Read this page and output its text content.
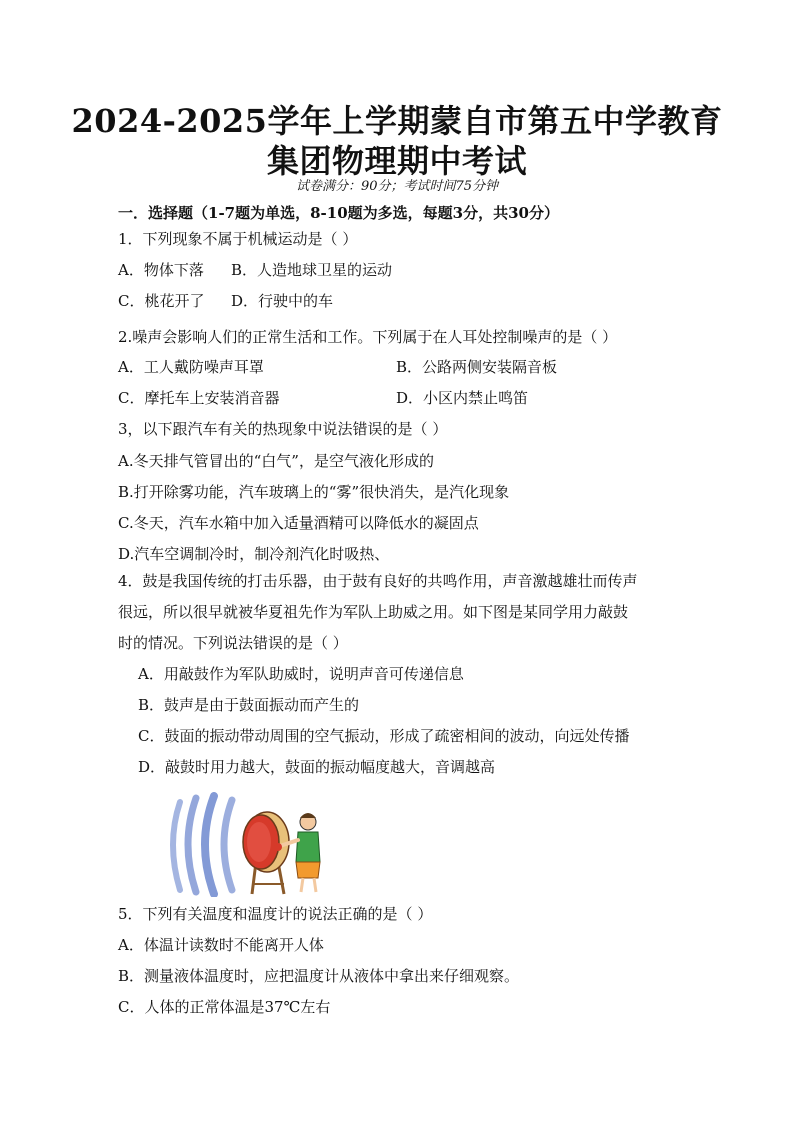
2024-2025学年上学期蒙自市第五中学教育
集团物理期中考试
试卷满分：90分；考试时间75分钟
一．选择题（1-7题为单选，8-10题为多选，每题3分，共30分）
1．下列现象不属于机械运动是（ ）
A．物体下落 B．人造地球卫星的运动
C．桃花开了 D．行驶中的车
2.噪声会影响人们的正常生活和工作。下列属于在人耳处控制噪声的是（ ）
A．工人戴防噪声耳罩	B．公路两侧安装隔音板
C．摩托车上安装消音器	D．小区内禁止鸣笛
3，以下跟汽车有关的热现象中说法错误的是（ ）
A.冬天排气管冒出的“白气”，是空气液化形成的
B.打开除雾功能，汽车玻璃上的“雾”很快消失，是汽化现象
C.冬天，汽车水箱中加入适量酒精可以降低水的凝固点
D.汽车空调制冷时，制冷剂汽化时吸热、
4．鼓是我国传统的打击乐器，由于鼓有良好的共鸣作用，声音激越雄壮而传声
很远，所以很早就被华夏祖先作为军队上助威之用。如下图是某同学用力敲鼓
时的情况。下列说法错误的是（ ）
A．用敲鼓作为军队助威时，说明声音可传递信息
B．鼓声是由于鼓面振动而产生的
C．鼓面的振动带动周围的空气振动，形成了疏密相间的波动，向远处传播
D．敲鼓时用力越大，鼓面的振动幅度越大，音调越高
5．下列有关温度和温度计的说法正确的是（ ）
A．体温计读数时不能离开人体
B．测量液体温度时，应把温度计从液体中拿出来仔细观察。
C．人体的正常体温是37℃左右
